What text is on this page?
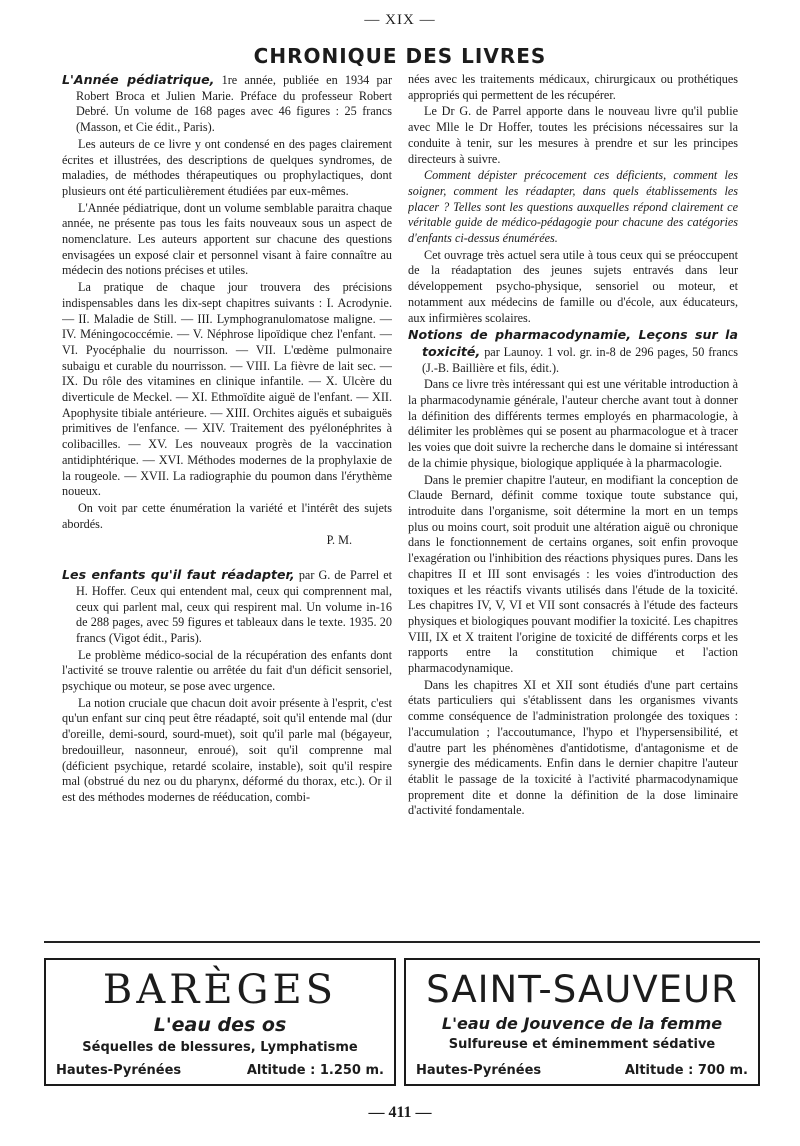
— XIX —
CHRONIQUE DES LIVRES

L'Année pédiatrique, 1re année, publiée en 1934 par Robert Broca et Julien Marie. Préface du professeur Robert Debré. Un volume de 168 pages avec 46 figures : 25 francs (Masson, et Cie édit., Paris).

Les auteurs de ce livre y ont condensé en des pages clairement écrites et illustrées, des descriptions de quelques syndromes, de maladies, de méthodes thérapeutiques ou prophylactiques, dont plusieurs ont été particulièrement étudiées par eux-mêmes.

L'Année pédiatrique, dont un volume semblable paraitra chaque année, ne présente pas tous les faits nouveaux sous un aspect de nomenclature. Les auteurs apportent sur chacune des questions envisagées un exposé clair et personnel visant à faire connaître au médecin des notions précises et utiles.

La pratique de chaque jour trouvera des précisions indispensables dans les dix-sept chapitres suivants : I. Acrodynie. — II. Maladie de Still. — III. Lymphogranulomatose maligne. — IV. Méningococcémie. — V. Néphrose lipoïdique chez l'enfant. — VI. Pyocéphalie du nourrisson. — VII. L'œdème pulmonaire subaigu et curable du nourrisson. — VIII. La fièvre de lait sec. — IX. Du rôle des vitamines en clinique infantile. — X. Ulcère du diverticule de Meckel. — XI. Ethmoïdite aiguë de l'enfant. — XII. Apophysite tibiale antérieure. — XIII. Orchites aiguës et subaiguës primitives de l'enfance. — XIV. Traitement des pyélonéphrites à colibacilles. — XV. Les nouveaux progrès de la vaccination antidiphtérique. — XVI. Méthodes modernes de la prophylaxie de la rougeole. — XVII. La radiographie du poumon dans l'érythème noueux.

On voit par cette énumération la variété et l'intérêt des sujets abordés.

P. M.

Les enfants qu'il faut réadapter, par G. de Parrel et H. Hoffer. Ceux qui entendent mal, ceux qui comprennent mal, ceux qui parlent mal, ceux qui respirent mal. Un volume in-16 de 288 pages, avec 59 figures et tableaux dans le texte. 1935. 20 francs (Vigot édit., Paris).

Le problème médico-social de la récupération des enfants dont l'activité se trouve ralentie ou arrêtée du fait d'un déficit sensoriel, psychique ou moteur, se pose avec urgence.

La notion cruciale que chacun doit avoir présente à l'esprit, c'est qu'un enfant sur cinq peut être réadapté, soit qu'il entende mal (dur d'oreille, demi-sourd, sourd-muet), soit qu'il parle mal (bégayeur, bredouilleur, nasonneur, enroué), soit qu'il comprenne mal (déficient psychique, retardé scolaire, instable), soit qu'il respire mal (obstrué du nez ou du pharynx, déformé du thorax, etc.). Or il est des méthodes modernes de rééducation, combi-

nées avec les traitements médicaux, chirurgicaux ou prothétiques appropriés qui permettent de les récupérer.

Le Dr G. de Parrel apporte dans le nouveau livre qu'il publie avec Mlle le Dr Hoffer, toutes les précisions nécessaires sur la conduite à tenir, sur les mesures à prendre et sur les principes directeurs à suivre.

Comment dépister précocement ces déficients, comment les soigner, comment les réadapter, dans quels établissements les placer ? Telles sont les questions auxquelles répond clairement ce véritable guide de médico-pédagogie pour chacune des catégories d'enfants ci-dessus énumérées.

Cet ouvrage très actuel sera utile à tous ceux qui se préoccupent de la réadaptation des jeunes sujets entravés dans leur développement psycho-physique, sensoriel ou moteur, et notamment aux médecins de famille ou d'école, aux éducateurs, aux infirmières scolaires.

Notions de pharmacodynamie, Leçons sur la toxicité, par Launoy. 1 vol. gr. in-8 de 296 pages, 50 francs (J.-B. Baillière et fils, édit.).

Dans ce livre très intéressant qui est une véritable introduction à la pharmacodynamie générale, l'auteur cherche avant tout à donner la définition des différents termes employés en pharmacologie, à délimiter les problèmes qui se posent au pharmacologue et à tracer les voies que doit suivre la recherche dans le domaine si intéressant de la chimie physique, biologique appliquée à la pharmacologie.

Dans le premier chapitre l'auteur, en modifiant la conception de Claude Bernard, définit comme toxique toute substance qui, introduite dans l'organisme, soit détermine la mort en un temps plus ou moins court, soit produit une altération aiguë ou chronique dans le fonctionnement de certains organes, soit enfin provoque l'exagération ou l'inhibition des réactions physiques pures. Dans les chapitres II et III sont envisagés : les voies d'introduction des toxiques et les réactifs vivants utilisés dans l'étude de la toxicité. Les chapitres IV, V, VI et VII sont consacrés à l'étude des facteurs physiques et biologiques pouvant modifier la toxicité. Les chapitres VIII, IX et X traitent l'origine de toxicité de différents corps et les rapports entre la constitution chimique et l'action pharmacodynamique.

Dans les chapitres XI et XII sont étudiés d'une part certains états particuliers qui s'établissent dans les organismes vivants comme conséquence de l'administration prolongée des toxiques : l'accumulation ; l'accoutumance, l'hypo et l'hypersensibilité, et d'autre part les phénomènes d'antidotisme, d'antagonisme et de synergie des médicaments. Enfin dans le dernier chapitre l'auteur établit le passage de la toxicité à l'activité pharmacodynamique proprement dite et donne la définition de la dose liminaire d'activité fondamentale.

BARÈGES
L'eau des os
Séquelles de blessures, Lymphatisme
Hautes-Pyrénées	Altitude : 1.250 m.
SAINT-SAUVEUR
L'eau de Jouvence de la femme
Sulfureuse et éminemment sédative
Hautes-Pyrénées	Altitude : 700 m.
— 411 —
